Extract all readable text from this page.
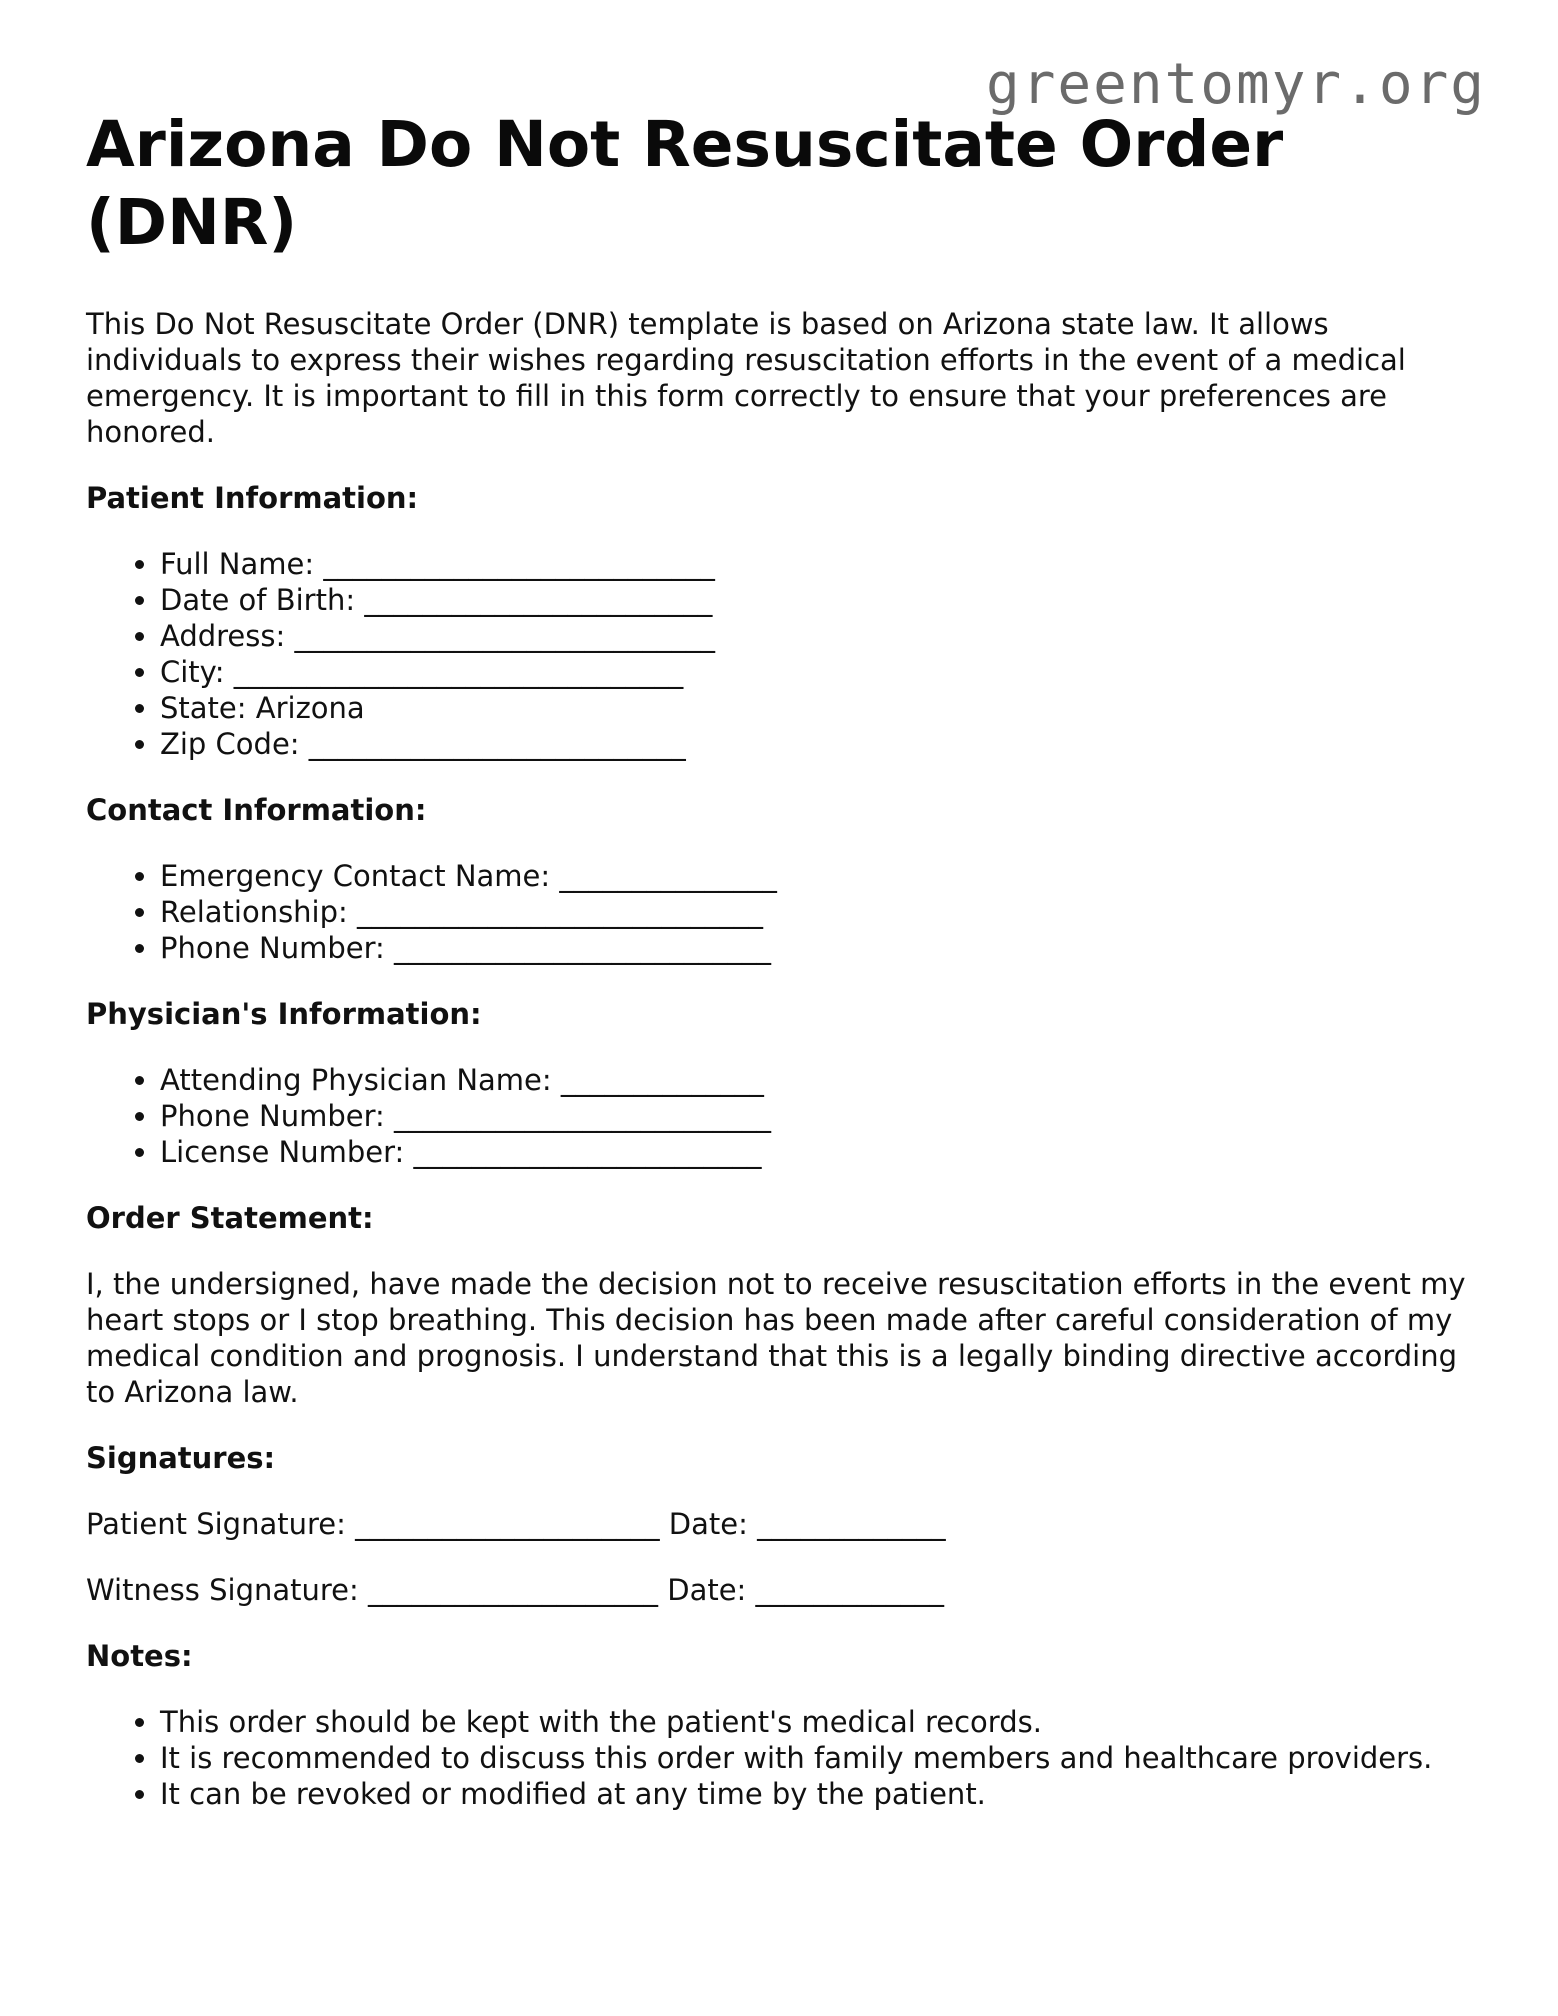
greentomyr.org
Arizona Do Not Resuscitate Order (DNR)

This Do Not Resuscitate Order (DNR) template is based on Arizona state law. It allows individuals to express their wishes regarding resuscitation efforts in the event of a medical emergency. It is important to fill in this form correctly to ensure that your preferences are honored.

Patient Information:
• Full Name: ___________________________
• Date of Birth: ________________________
• Address: _____________________________
• City: _______________________________
• State: Arizona
• Zip Code: __________________________
Contact Information:
• Emergency Contact Name: _______________
• Relationship: ____________________________
• Phone Number: __________________________
Physician's Information:
• Attending Physician Name: ______________
• Phone Number: __________________________
• License Number: ________________________
Order Statement:

I, the undersigned, have made the decision not to receive resuscitation efforts in the event my heart stops or I stop breathing. This decision has been made after careful consideration of my medical condition and prognosis. I understand that this is a legally binding directive according to Arizona law.

Signatures:
Patient Signature: _____________________ Date: _____________
Witness Signature: ____________________ Date: _____________
Notes:
• This order should be kept with the patient's medical records.
• It is recommended to discuss this order with family members and healthcare providers.
• It can be revoked or modified at any time by the patient.
